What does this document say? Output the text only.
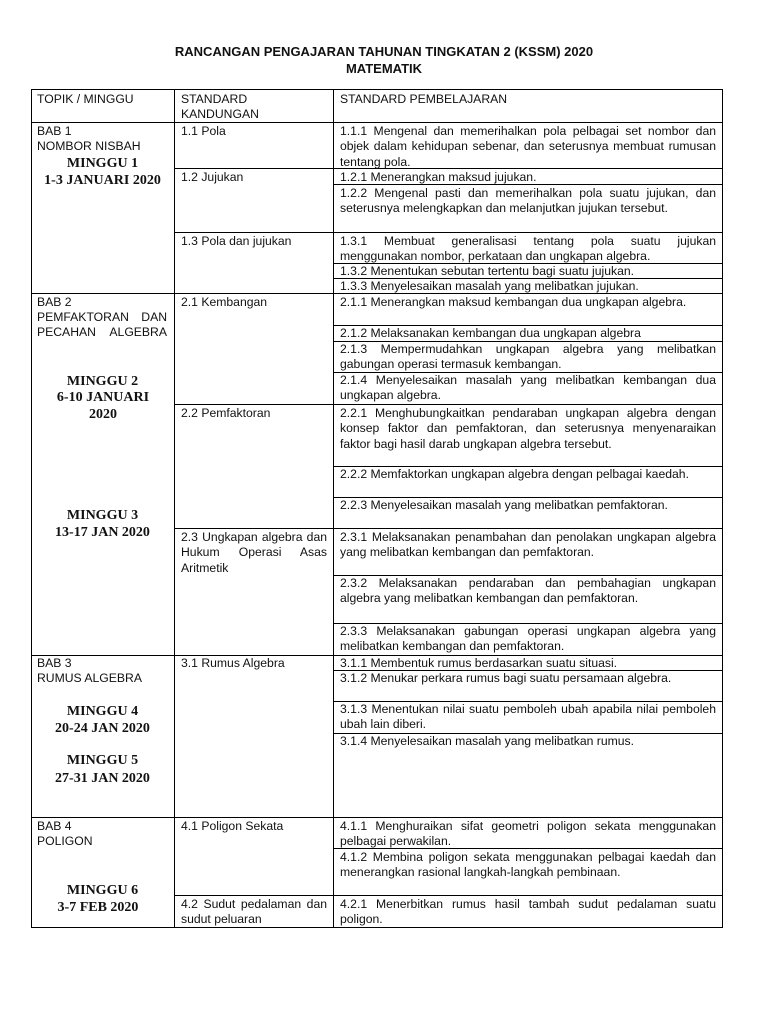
RANCANGAN PENGAJARAN TAHUNAN TINGKATAN 2 (KSSM) 2020
MATEMATIK
TOPIK / MINGGU	STANDARD KANDUNGAN
STANDARD PEMBELAJARAN
BAB 1
NOMBOR NISBAH
MINGGU 1
1-3 JANUARI 2020
1.1 Pola
1.2 Jujukan
1.3 Pola dan jujukan
1.1.1 Mengenal dan memerihalkan pola pelbagai set nombor dan objek dalam kehidupan sebenar, dan seterusnya membuat rumusan tentang pola.
1.2.1 Menerangkan maksud jujukan.
1.2.2 Mengenal pasti dan memerihalkan pola suatu jujukan, dan seterusnya melengkapkan dan melanjutkan jujukan tersebut.
1.3.1 Membuat generalisasi tentang pola suatu jujukan menggunakan nombor, perkataan dan ungkapan algebra.
1.3.2 Menentukan sebutan tertentu bagi suatu jujukan.
1.3.3 Menyelesaikan masalah yang melibatkan jujukan.
BAB 2
PEMFAKTORAN DAN PECAHAN ALGEBRA
MINGGU 2
6-10 JANUARI 2020
MINGGU 3
13-17 JAN 2020
2.1 Kembangan
2.2 Pemfaktoran
2.3 Ungkapan algebra dan Hukum Operasi Asas Aritmetik
2.1.1 Menerangkan maksud kembangan dua ungkapan algebra.
2.1.2 Melaksanakan kembangan dua ungkapan algebra
2.1.3 Mempermudahkan ungkapan algebra yang melibatkan gabungan operasi termasuk kembangan.
2.1.4 Menyelesaikan masalah yang melibatkan kembangan dua ungkapan algebra.
2.2.1 Menghubungkaitkan pendaraban ungkapan algebra dengan konsep faktor dan pemfaktoran, dan seterusnya menyenaraikan faktor bagi hasil darab ungkapan algebra tersebut.
2.2.2 Memfaktorkan ungkapan algebra dengan pelbagai kaedah.
2.2.3 Menyelesaikan masalah yang melibatkan pemfaktoran.
2.3.1 Melaksanakan penambahan dan penolakan ungkapan algebra yang melibatkan kembangan dan pemfaktoran.
2.3.2 Melaksanakan pendaraban dan pembahagian ungkapan algebra yang melibatkan kembangan dan pemfaktoran.
2.3.3 Melaksanakan gabungan operasi ungkapan algebra yang melibatkan kembangan dan pemfaktoran.
BAB 3
RUMUS ALGEBRA
MINGGU 4
20-24 JAN 2020
MINGGU 5
27-31 JAN 2020
3.1 Rumus Algebra	3.1.1 Membentuk rumus berdasarkan suatu situasi.
3.1.2 Menukar perkara rumus bagi suatu persamaan algebra.
3.1.3 Menentukan nilai suatu pemboleh ubah apabila nilai pemboleh ubah lain diberi.
3.1.4 Menyelesaikan masalah yang melibatkan rumus.
BAB 4
POLIGON
MINGGU 6
3-7 FEB 2020
4.1 Poligon Sekata
4.2 Sudut pedalaman dan sudut peluaran
4.1.1 Menghuraikan sifat geometri poligon sekata menggunakan pelbagai perwakilan.
4.1.2 Membina poligon sekata menggunakan pelbagai kaedah dan menerangkan rasional langkah-langkah pembinaan.
4.2.1 Menerbitkan rumus hasil tambah sudut pedalaman suatu poligon.
